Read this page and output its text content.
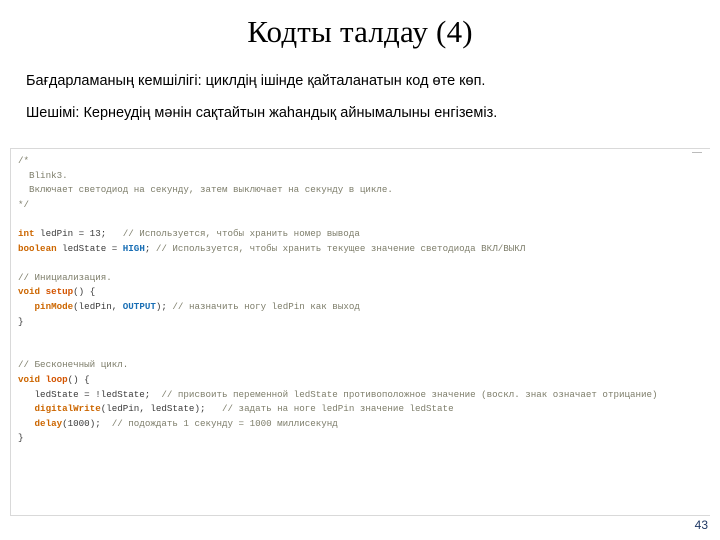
Кодты талдау (4)
Бағдарламаның кемшілігі: циклдің ішінде қайталанатын код өте көп.
Шешімі: Кернеудің мәнін сақтайтын жаһандық айнымалыны енгіземіз.
/*
Blink3.
Включает светодиод на секунду, затем выключает на секунду в цикле.
*/

int ledPin = 13;   // Используется, чтобы хранить номер вывода
boolean ledState = HIGH; // Используется, чтобы хранить текущее значение светодиода ВКЛ/ВЫКЛ

// Инициализация.
void setup() {
pinMode(ledPin, OUTPUT); // назначить ногу ledPin как выход
}

// Бесконечный цикл.
void loop() {
ledState = !ledState;  // присвоить переменной ledState противоположное значение (воскл. знак означает отрицание)
digitalWrite(ledPin, ledState);   // задать на ноге ledPin значение ledState
delay(1000);  // подождать 1 секунду = 1000 миллисекунд
}
43
